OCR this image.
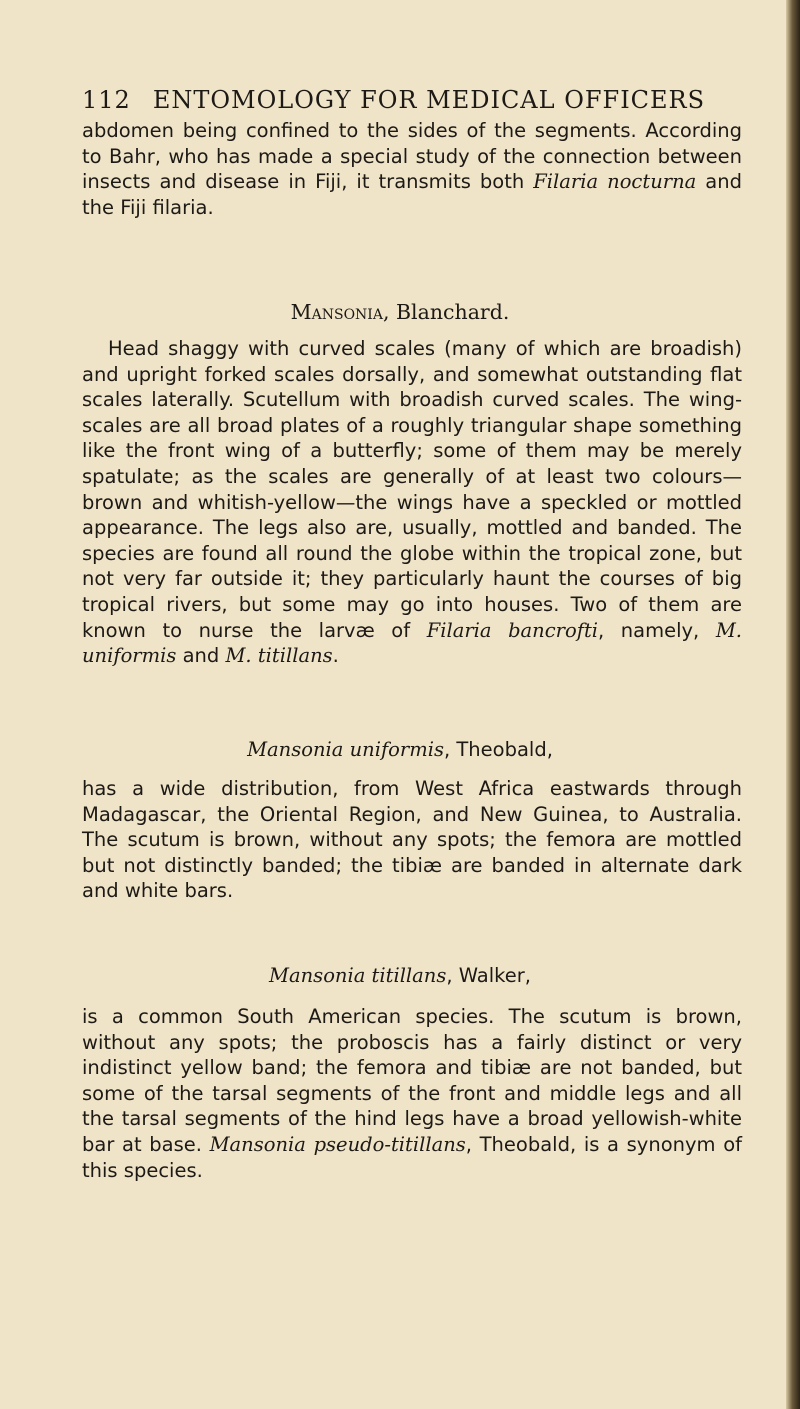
112 ENTOMOLOGY FOR MEDICAL OFFICERS

abdomen being confined to the sides of the segments. According to Bahr, who has made a special study of the connection between insects and disease in Fiji, it transmits both Filaria nocturna and the Fiji filaria.

Mansonia, Blanchard.

Head shaggy with curved scales (many of which are broadish) and upright forked scales dorsally, and somewhat outstanding flat scales laterally. Scutellum with broadish curved scales. The wing-scales are all broad plates of a roughly triangular shape something like the front wing of a butterfly; some of them may be merely spatulate; as the scales are generally of at least two colours—brown and whitish-yellow—the wings have a speckled or mottled appearance. The legs also are, usually, mottled and banded. The species are found all round the globe within the tropical zone, but not very far outside it; they particularly haunt the courses of big tropical rivers, but some may go into houses. Two of them are known to nurse the larvæ of Filaria bancrofti, namely, M. uniformis and M. titillans.

Mansonia uniformis, Theobald,

has a wide distribution, from West Africa eastwards through Madagascar, the Oriental Region, and New Guinea, to Australia. The scutum is brown, without any spots; the femora are mottled but not distinctly banded; the tibiæ are banded in alternate dark and white bars.

Mansonia titillans, Walker,

is a common South American species. The scutum is brown, without any spots; the proboscis has a fairly distinct or very indistinct yellow band; the femora and tibiæ are not banded, but some of the tarsal segments of the front and middle legs and all the tarsal segments of the hind legs have a broad yellowish-white bar at base. Mansonia pseudo-titillans, Theobald, is a synonym of this species.
